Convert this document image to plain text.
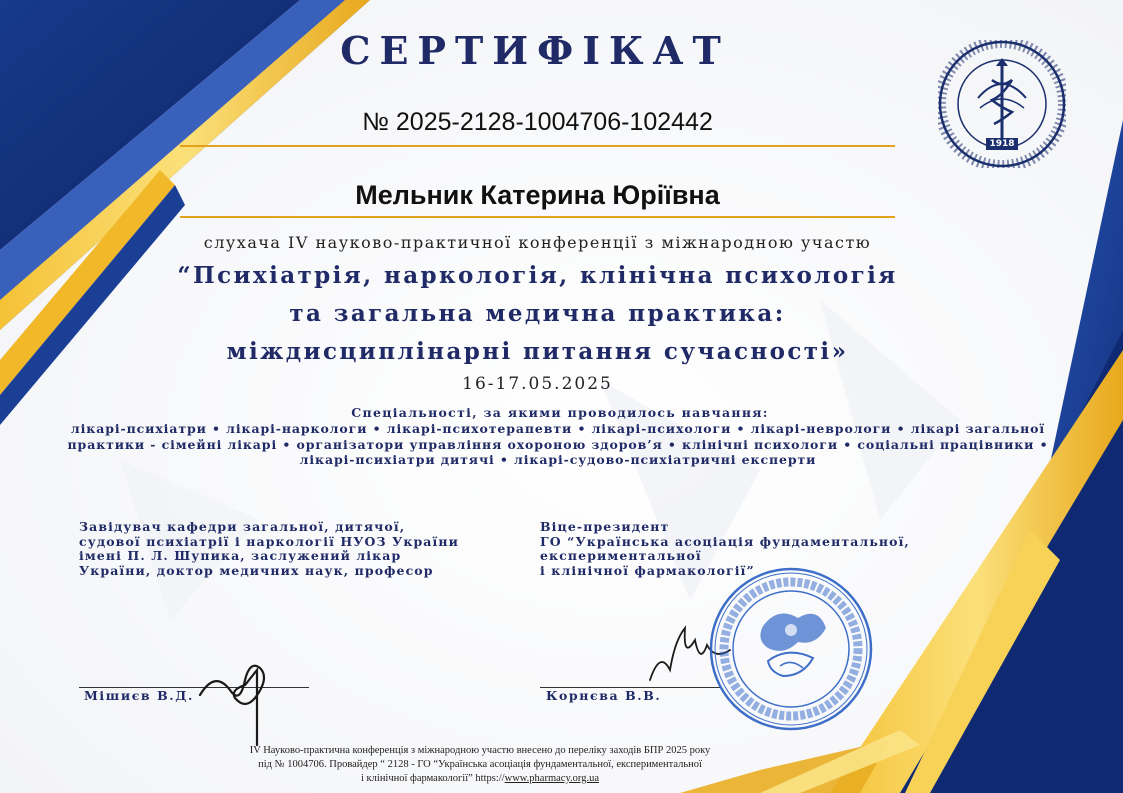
1918
СЕРТИФІКАТ
№ 2025-2128-1004706-102442
Мельник Катерина Юріївна
слухача IV науково-практичної конференції з міжнародною участю
“Психіатрія, наркологія, клінічна психологія
та загальна медична практика:
міждисциплінарні питання сучасності»
16-17.05.2025
Спеціальності, за якими проводилось навчання:
лікарі-психіатри • лікарі-наркологи • лікарі-психотерапевти • лікарі-психологи • лікарі-неврологи • лікарі загальної
практики - сімейні лікарі • організатори управління охороною здоров’я • клінічні психологи • соціальні працівники •
лікарі-психіатри дитячі • лікарі-судово-психіатричні експерти
Завідувач кафедри загальної, дитячої,
судової психіатрії і наркології НУОЗ України
імені П. Л. Шупика, заслужений лікар
України, доктор медичних наук, професор
Мішиєв В.Д.
Віце-президент
ГО “Українська асоціація фундаментальної,
експериментальної
і клінічної фармакології”
Корнєва В.В.
IV Науково-практична конференція з міжнародною участю внесено до переліку заходів БПР 2025 року
під № 1004706. Провайдер “ 2128 - ГО “Українська асоціація фундаментальної, експериментальної
і клінічної фармакології” https://www.pharmacy.org.ua
